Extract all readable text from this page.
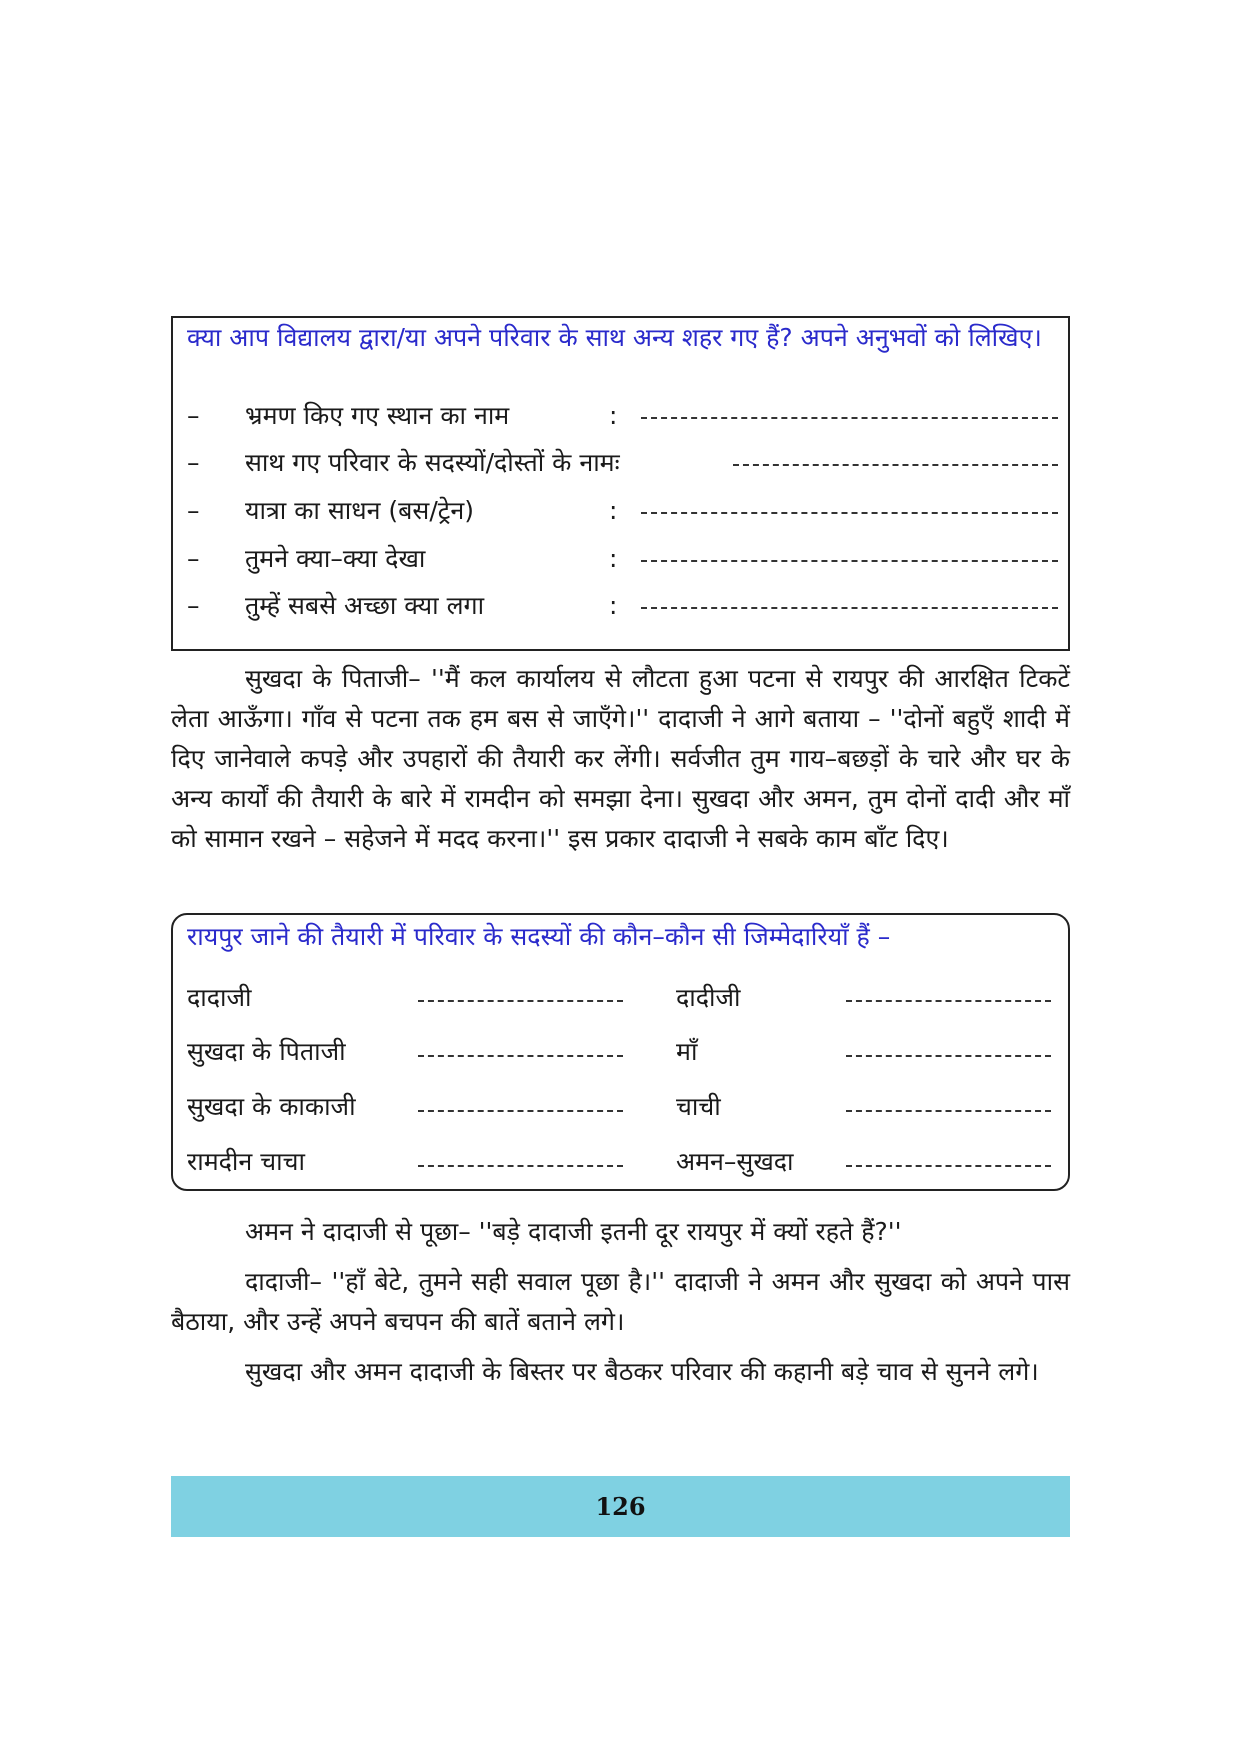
क्या आप विद्यालय द्वारा/या अपने परिवार के साथ अन्य शहर गए हैं? अपने अनुभवों को लिखिए।
– भ्रमण किए गए स्थान का नाम	:
– साथ गए परिवार के सदस्यों/दोस्तों के नामः
– यात्रा का साधन (बस/ट्रेन)	:
– तुमने क्या–क्या देखा	:
– तुम्हें सबसे अच्छा क्या लगा	:

सुखदा के पिताजी– ''मैं कल कार्यालय से लौटता हुआ पटना से रायपुर की आरक्षित टिकटें लेता आऊँगा। गाँव से पटना तक हम बस से जाएँगे।'' दादाजी ने आगे बताया – ''दोनों बहुएँ शादी में दिए जानेवाले कपड़े और उपहारों की तैयारी कर लेंगी। सर्वजीत तुम गाय–बछड़ों के चारे और घर के अन्य कार्यों की तैयारी के बारे में रामदीन को समझा देना। सुखदा और अमन, तुम दोनों दादी और माँ को सामान रखने – सहेजने में मदद करना।'' इस प्रकार दादाजी ने सबके काम बाँट दिए।

रायपुर जाने की तैयारी में परिवार के सदस्यों की कौन–कौन सी जिम्मेदारियाँ हैं –
दादाजी	दादीजी
सुखदा के पिताजी	माँ
सुखदा के काकाजी	चाची
रामदीन चाचा	अमन–सुखदा

अमन ने दादाजी से पूछा– ''बड़े दादाजी इतनी दूर रायपुर में क्यों रहते हैं?''

दादाजी– ''हाँ बेटे, तुमने सही सवाल पूछा है।'' दादाजी ने अमन और सुखदा को अपने पास बैठाया, और उन्हें अपने बचपन की बातें बताने लगे।

सुखदा और अमन दादाजी के बिस्तर पर बैठकर परिवार की कहानी बड़े चाव से सुनने लगे।

126
